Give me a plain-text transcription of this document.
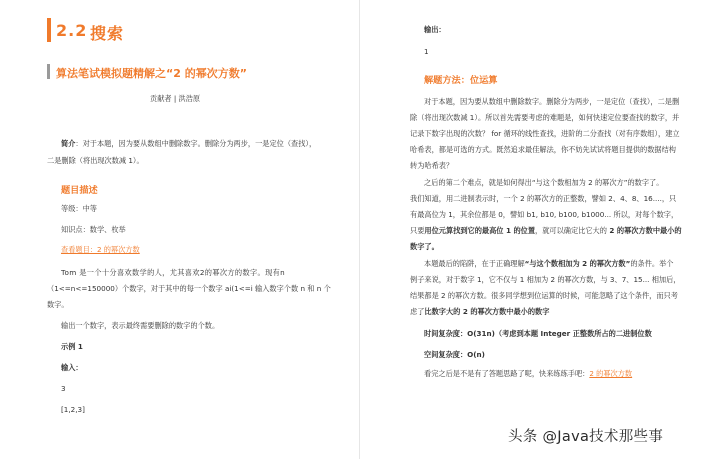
2.2 搜索
算法笔试模拟题精解之“2 的幂次方数”
贡献者 | 洪浩原
简介：对于本题，因为要从数组中删除数字。删除分为两步，一是定位（查找），
二是删除（将出现次数减 1）。
题目描述
等级：中等
知识点：数学、枚举
查看题目：2 的幂次方数
Tom 是一个十分喜欢数学的人，尤其喜欢2的幂次方的数字。现有n
（1<=n<=150000）个数字，对于其中的每一个数字 ai(1<=i 输入数字个数 n 和 n 个
数字。
输出一个数字，表示最终需要删除的数字的个数。
示例 1
输入：
3
[1,2,3]
输出：
1
解题方法：位运算
对于本题，因为要从数组中删除数字。删除分为两步，一是定位（查找），二是删
除（将出现次数减 1）。所以首先需要考虑的难题是，如何快速定位要查找的数字，并
记录下数字出现的次数？ for 循环的线性查找，进阶的二分查找（对有序数组），建立
哈希表，都是可选的方式。既然追求最佳解法，你不妨先试试将题目提供的数据结构
转为哈希表？
之后的第二个难点，就是如何得出“与这个数相加为 2 的幂次方”的数字了。
我们知道，用二进制表示时，一个 2 的幂次方的正整数，譬如 2、4、8、16....，只
有最高位为 1，其余位都是 0，譬如 b1, b10, b100, b1000... 所以，对每个数字，
只要用位元算找到它的最高位 1 的位置，就可以确定比它大的 2 的幂次方数中最小的
数字了。
本题最后的陷阱，在于正确理解“与这个数相加为 2 的幂次方数”的条件。举个
例子来说，对于数字 1，它不仅与 1 相加为 2 的幂次方数，与 3、7、15... 相加后，
结果都是 2 的幂次方数。很多同学想到位运算的时候，可能忽略了这个条件，而只考
虑了比数字大的 2 的幂次方数中最小的数字
时间复杂度：O(31n)（考虑到本题 Integer 正整数所占的二进制位数
空间复杂度：O(n)
看完之后是不是有了答题思路了呢，快来练练手吧：2 的幂次方数
头条 @Java技术那些事
